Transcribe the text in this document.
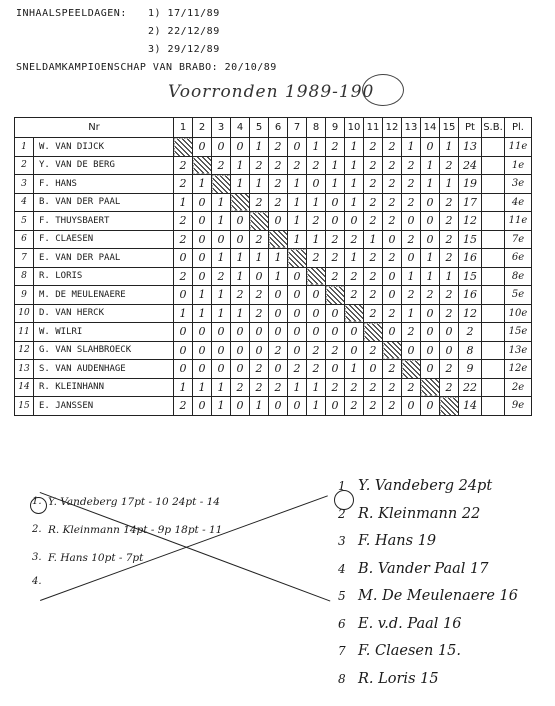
INHAALSPEELDAGEN: 1) 17/11/89
2) 22/12/89
3) 29/12/89
SNELDAMKAMPIOENSCHAP VAN BRABO: 20/10/89
Voorronden 1989-190
Nr		1	2	3	4	5	6	7	8	9	10	11	12	13	14	15	Pt	S.B.	Pl.
1	W. VAN DIJCK		0	0	0	1	2	0	1	2	1	2	2	1	0	1	13		11e
2	Y. VAN DE BERG	2		2	1	2	2	2	2	1	1	2	2	2	1	2	24		1e
3	F. HANS	2	1		1	1	2	1	0	1	1	2	2	2	1	1	19		3e
4	B. VAN DER PAAL	1	0	1		2	2	1	1	0	1	2	2	2	0	2	17		4e
5	F. THUYSBAERT	2	0	1	0		0	1	2	0	0	2	2	0	0	2	12		11e
6	F. CLAESEN	2	0	0	0	2		1	1	2	2	1	0	2	0	2	15		7e
7	E. VAN DER PAAL	0	0	1	1	1	1		2	2	1	2	2	0	1	2	16		6e
8	R. LORIS	2	0	2	1	0	1	0		2	2	2	0	1	1	1	15		8e
9	M. DE MEULENAERE	0	1	1	2	2	0	0	0		2	2	0	2	2	2	16		5e
10	D. VAN HERCK	1	1	1	1	2	0	0	0	0		2	2	1	0	2	12		10e
11	W. WILRI	0	0	0	0	0	0	0	0	0	0		0	2	0	0	2		15e
12	G. VAN SLAHBROECK	0	0	0	0	0	2	0	2	2	0	2		0	0	0	8		13e
13	S. VAN AUDENHAGE	0	0	0	0	2	0	2	2	0	1	0	2		0	2	9		12e
14	R. KLEINHANN	1	1	1	2	2	2	1	1	2	2	2	2	2		2	22		2e
15	E. JANSSEN	2	0	1	0	1	0	0	1	0	2	2	2	0	0		14		9e
1. Y. Vandeberg 17pt - 10 24pt - 14
2. R. Kleinmann 14pt - 9p 18pt - 11
3. F. Hans 10pt - 7pt
4.
1 Y. Vandeberg 24pt
2 R. Kleinmann 22
3 F. Hans 19
4 B. Vander Paal 17
5 M. De Meulenaere 16
6 E. v.d. Paal 16
7 F. Claesen 15.
8 R. Loris 15
